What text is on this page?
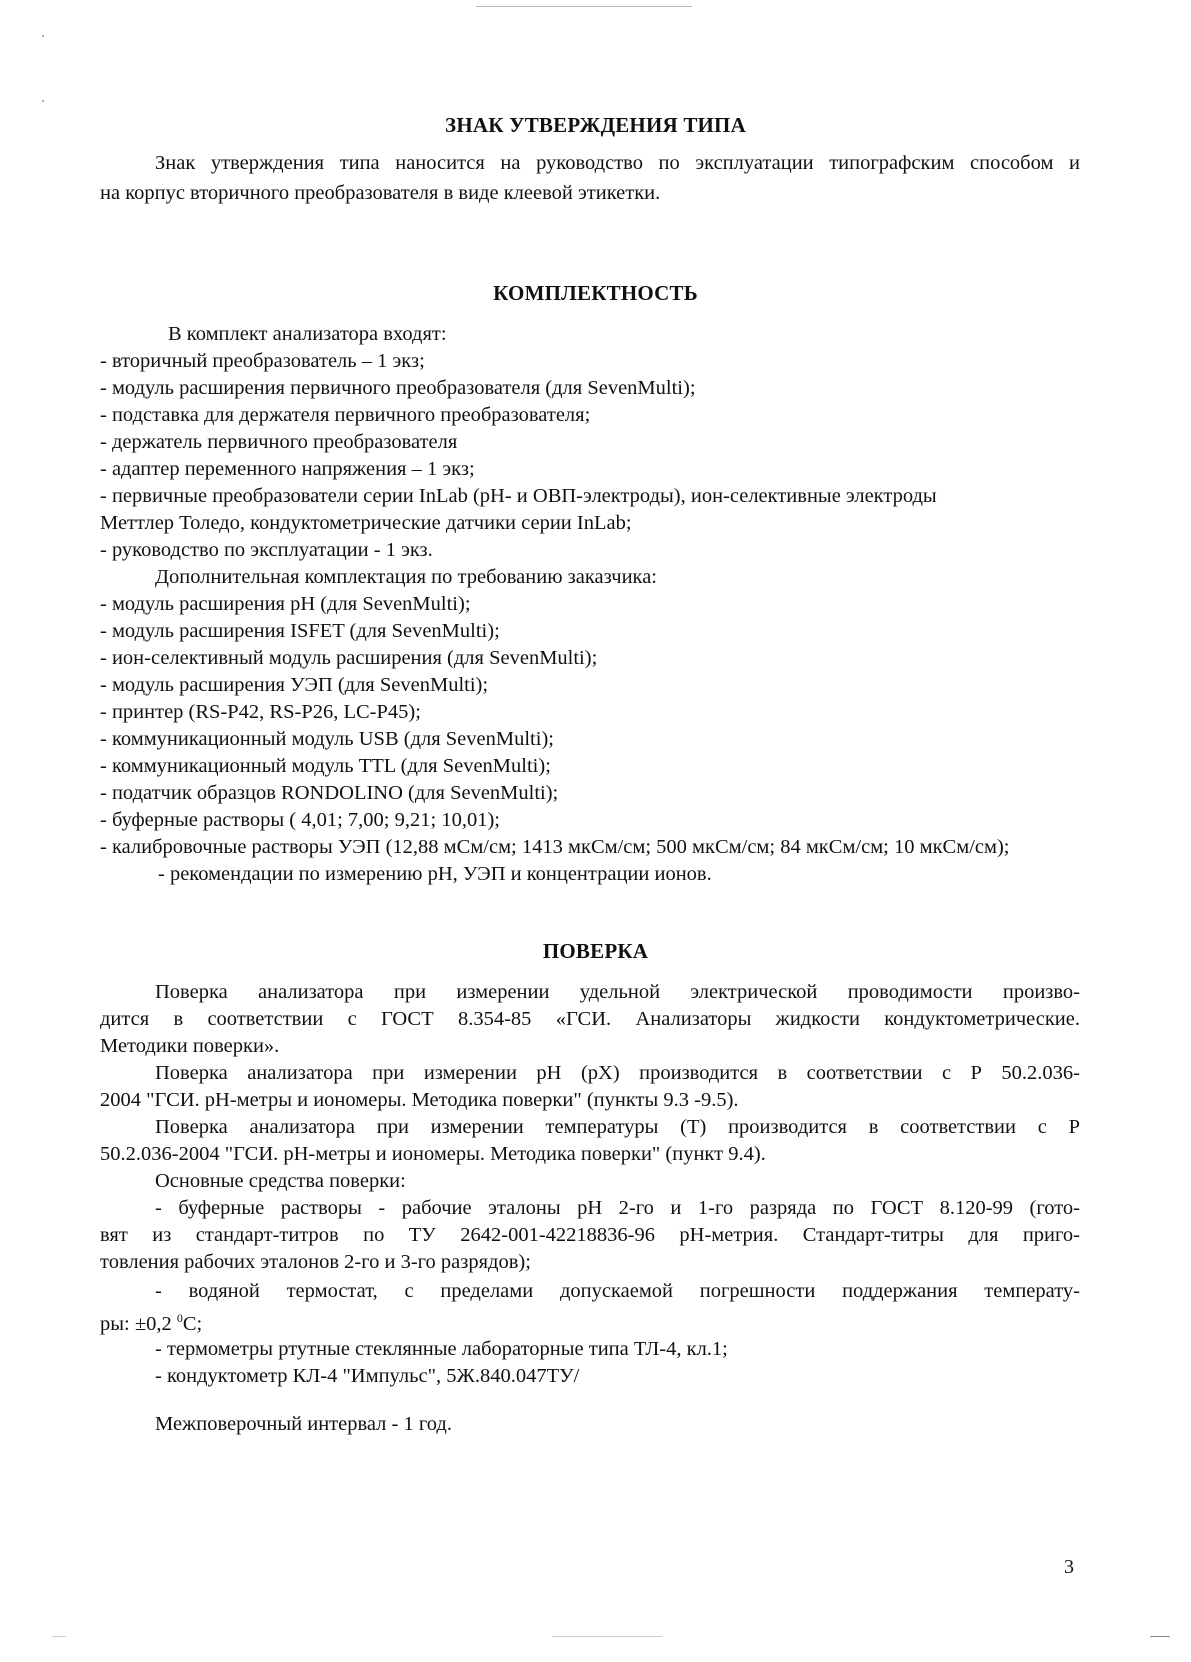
ЗНАК УТВЕРЖДЕНИЯ ТИПА
Знак утверждения типа наносится на руководство по эксплуатации типографским способом и
на корпус вторичного преобразователя в виде клеевой этикетки.
КОМПЛЕКТНОСТЬ
В комплект анализатора входят:
- вторичный преобразователь – 1 экз;
- модуль расширения первичного преобразователя (для SevenMulti);
- подставка для держателя первичного преобразователя;
- держатель первичного преобразователя
- адаптер переменного напряжения – 1 экз;
- первичные преобразователи серии InLab (pH- и ОВП-электроды), ион-селективные электроды
Меттлер Толедо, кондуктометрические датчики серии InLab;
- руководство по эксплуатации - 1 экз.
Дополнительная комплектация по требованию заказчика:
- модуль расширения pH (для SevenMulti);
- модуль расширения ISFET (для SevenMulti);
- ион-селективный модуль расширения (для SevenMulti);
- модуль расширения УЭП (для SevenMulti);
- принтер (RS-P42, RS-P26, LC-P45);
- коммуникационный модуль USB (для SevenMulti);
- коммуникационный модуль TTL (для SevenMulti);
- податчик образцов RONDOLINO (для SevenMulti);
- буферные растворы ( 4,01; 7,00; 9,21; 10,01);
- калибровочные растворы УЭП (12,88 мСм/см; 1413 мкСм/см; 500 мкСм/см; 84 мкСм/см; 10 мкСм/см);
- рекомендации по измерению pH, УЭП и концентрации ионов.
ПОВЕРКА
Поверка анализатора при измерении удельной электрической проводимости произво-
дится в соответствии с ГОСТ 8.354-85 «ГСИ. Анализаторы жидкости кондуктометрические.
Методики поверки».
Поверка анализатора при измерении pH (pX) производится в соответствии с Р 50.2.036-
2004 "ГСИ. pH-метры и иономеры. Методика поверки" (пункты 9.3 -9.5).
Поверка анализатора при измерении температуры (Т) производится в соответствии с Р
50.2.036-2004 "ГСИ. pH-метры и иономеры. Методика поверки" (пункт 9.4).
Основные средства поверки:
- буферные растворы - рабочие эталоны pH 2-го и 1-го разряда по ГОСТ 8.120-99 (гото-
вят из стандарт-титров по ТУ 2642-001-42218836-96 pH-метрия. Стандарт-титры для приго-
товления рабочих эталонов 2-го и 3-го разрядов);
- водяной термостат, с пределами допускаемой погрешности поддержания температу-
ры: ±0,2 $^0$С;
- термометры ртутные стеклянные лабораторные типа ТЛ-4, кл.1;
- кондуктометр КЛ-4 "Импульс", 5Ж.840.047ТУ/
Межповерочный интервал - 1 год.
3
